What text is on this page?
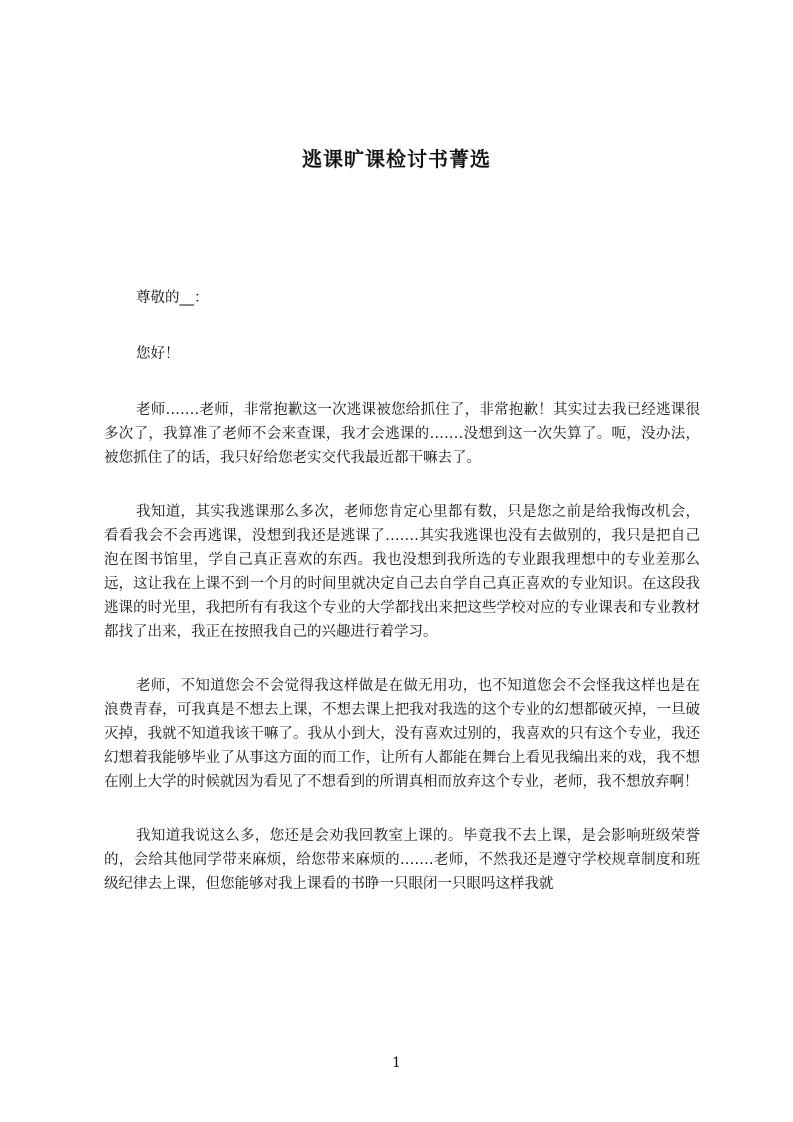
逃课旷课检讨书菁选

尊敬的__：

您好！

老师‥…‥老师，非常抱歉这一次逃课被您给抓住了，非常抱歉！其实过去我已经逃课很多次了，我算准了老师不会来查课，我才会逃课的‥…‥没想到这一次失算了。呃，没办法，被您抓住了的话，我只好给您老实交代我最近都干嘛去了。

我知道，其实我逃课那么多次，老师您肯定心里都有数，只是您之前是给我悔改机会，看看我会不会再逃课，没想到我还是逃课了‥…‥其实我逃课也没有去做别的，我只是把自己泡在图书馆里，学自己真正喜欢的东西。我也没想到我所选的专业跟我理想中的专业差那么远，这让我在上课不到一个月的时间里就决定自己去自学自己真正喜欢的专业知识。在这段我逃课的时光里，我把所有有我这个专业的大学都找出来把这些学校对应的专业课表和专业教材都找了出来，我正在按照我自己的兴趣进行着学习。

老师，不知道您会不会觉得我这样做是在做无用功，也不知道您会不会怪我这样也是在浪费青春，可我真是不想去上课，不想去课上把我对我选的这个专业的幻想都破灭掉，一旦破灭掉，我就不知道我该干嘛了。我从小到大，没有喜欢过别的，我喜欢的只有这个专业，我还幻想着我能够毕业了从事这方面的而工作，让所有人都能在舞台上看见我编出来的戏，我不想在刚上大学的时候就因为看见了不想看到的所谓真相而放弃这个专业，老师，我不想放弃啊！

我知道我说这么多，您还是会劝我回教室上课的。毕竟我不去上课，是会影响班级荣誉的，会给其他同学带来麻烦，给您带来麻烦的‥…‥老师，不然我还是遵守学校规章制度和班级纪律去上课，但您能够对我上课看的书睁一只眼闭一只眼吗这样我就

1
